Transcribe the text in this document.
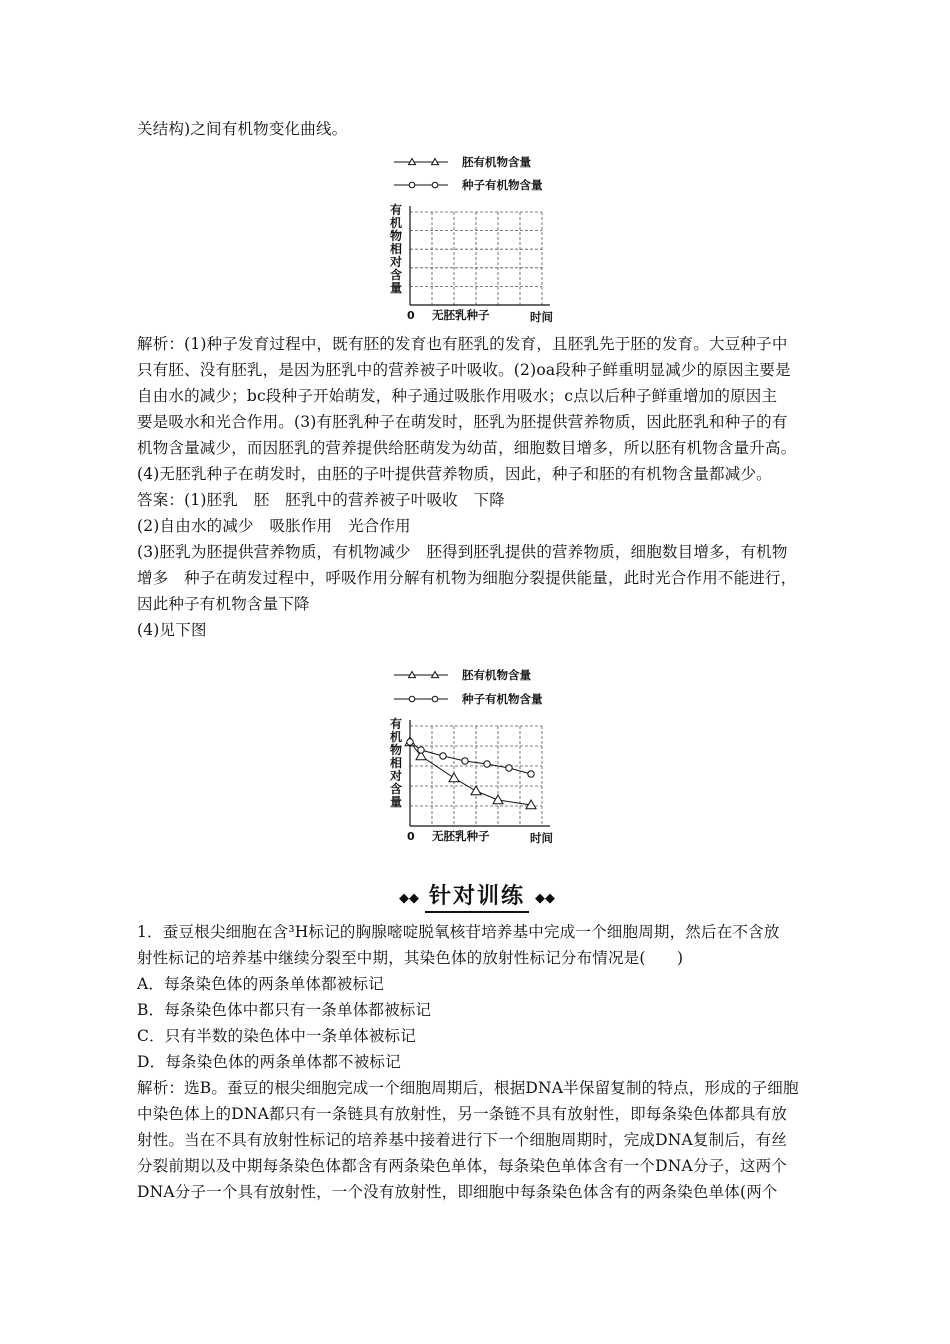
关结构)之间有机物变化曲线。
胚有机物含量
种子有机物含量
有
机
物
相
对
含
量
0 无胚乳种子	时间
解析：(1)种子发育过程中，既有胚的发育也有胚乳的发育，且胚乳先于胚的发育。大豆种子中
只有胚、没有胚乳，是因为胚乳中的营养被子叶吸收。(2)oa段种子鲜重明显减少的原因主要是
自由水的减少；bc段种子开始萌发，种子通过吸胀作用吸水；c点以后种子鲜重增加的原因主
要是吸水和光合作用。(3)有胚乳种子在萌发时，胚乳为胚提供营养物质，因此胚乳和种子的有
机物含量减少，而因胚乳的营养提供给胚萌发为幼苗，细胞数目增多，所以胚有机物含量升高。
(4)无胚乳种子在萌发时，由胚的子叶提供营养物质，因此，种子和胚的有机物含量都减少。
答案：(1)胚乳　胚　胚乳中的营养被子叶吸收　下降
(2)自由水的减少　吸胀作用　光合作用
(3)胚乳为胚提供营养物质，有机物减少　胚得到胚乳提供的营养物质，细胞数目增多，有机物
增多　种子在萌发过程中，呼吸作用分解有机物为细胞分裂提供能量，此时光合作用不能进行，
因此种子有机物含量下降
(4)见下图
胚有机物含量
种子有机物含量
有
机
物
相
对
含
量
0 无胚乳种子	时间
◆◆ 针对训练 ◆◆
1．蚕豆根尖细胞在含³H标记的胸腺嘧啶脱氧核苷培养基中完成一个细胞周期，然后在不含放
射性标记的培养基中继续分裂至中期，其染色体的放射性标记分布情况是(　　)
A．每条染色体的两条单体都被标记
B．每条染色体中都只有一条单体都被标记
C．只有半数的染色体中一条单体被标记
D．每条染色体的两条单体都不被标记
解析：选B。蚕豆的根尖细胞完成一个细胞周期后，根据DNA半保留复制的特点，形成的子细胞
中染色体上的DNA都只有一条链具有放射性，另一条链不具有放射性，即每条染色体都具有放
射性。当在不具有放射性标记的培养基中接着进行下一个细胞周期时，完成DNA复制后，有丝
分裂前期以及中期每条染色体都含有两条染色单体，每条染色单体含有一个DNA分子，这两个
DNA分子一个具有放射性，一个没有放射性，即细胞中每条染色体含有的两条染色单体(两个
